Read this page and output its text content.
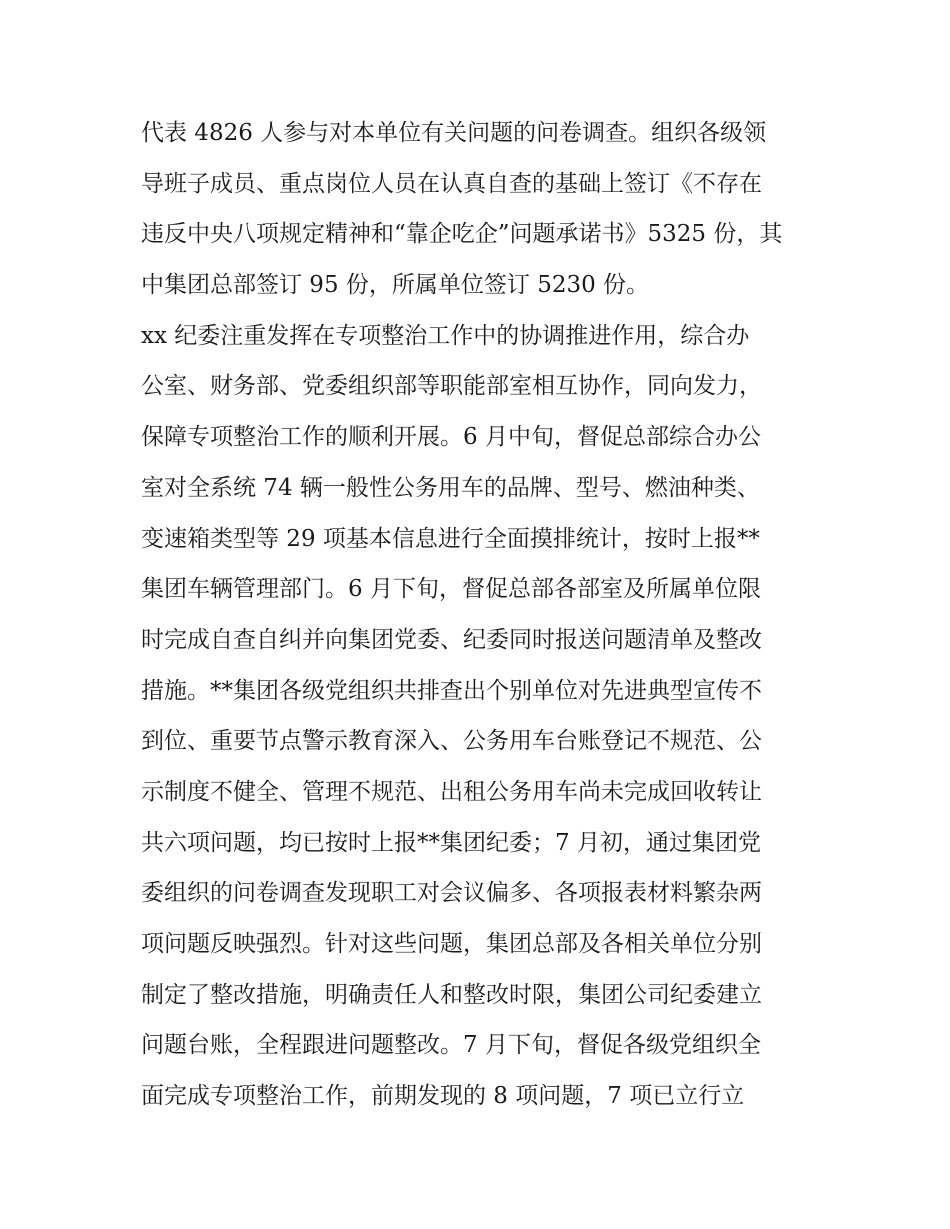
代表 4826 人参与对本单位有关问题的问卷调查。组织各级领
导班子成员、重点岗位人员在认真自查的基础上签订《不存在
违反中央八项规定精神和“靠企吃企”问题承诺书》5325 份，其
中集团总部签订 95 份，所属单位签订 5230 份。
xx 纪委注重发挥在专项整治工作中的协调推进作用，综合办
公室、财务部、党委组织部等职能部室相互协作，同向发力，
保障专项整治工作的顺利开展。6 月中旬，督促总部综合办公
室对全系统 74 辆一般性公务用车的品牌、型号、燃油种类、
变速箱类型等 29 项基本信息进行全面摸排统计，按时上报**
集团车辆管理部门。6 月下旬，督促总部各部室及所属单位限
时完成自查自纠并向集团党委、纪委同时报送问题清单及整改
措施。**集团各级党组织共排查出个别单位对先进典型宣传不
到位、重要节点警示教育深入、公务用车台账登记不规范、公
示制度不健全、管理不规范、出租公务用车尚未完成回收转让
共六项问题，均已按时上报**集团纪委；7 月初，通过集团党
委组织的问卷调查发现职工对会议偏多、各项报表材料繁杂两
项问题反映强烈。针对这些问题，集团总部及各相关单位分别
制定了整改措施，明确责任人和整改时限，集团公司纪委建立
问题台账，全程跟进问题整改。7 月下旬，督促各级党组织全
面完成专项整治工作，前期发现的 8 项问题，7 项已立行立
